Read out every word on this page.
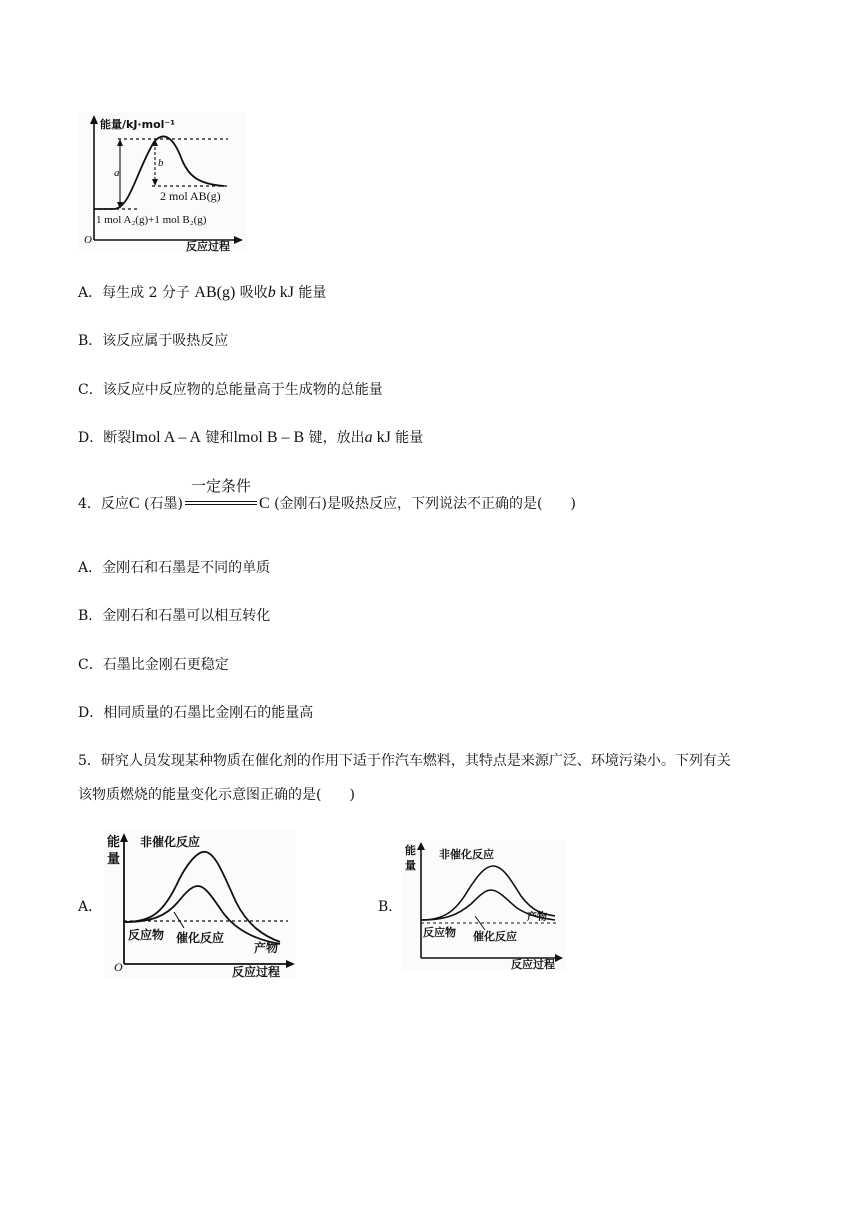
能量/kJ·mol⁻¹
O	反应过程
a
b
2 mol AB(g)
1 mol A₂(g)+1 mol B₂(g)
A．每生成 2 分子 AB(g) 吸收b kJ 能量
B．该反应属于吸热反应
C．该反应中反应物的总能量高于生成物的总能量
D．断裂lmol A – A 键和lmol B – B 键，放出a kJ 能量
4．反应C (石墨)
一定条件
C (金刚石)是吸热反应，下列说法不正确的是(　　)
A．金刚石和石墨是不同的单质
B．金刚石和石墨可以相互转化
C．石墨比金刚石更稳定
D．相同质量的石墨比金刚石的能量高
5．研究人员发现某种物质在催化剂的作用下适于作汽车燃料，其特点是来源广泛、环境污染小。下列有关
该物质燃烧的能量变化示意图正确的是(　　)
A．
能
量
非催化反应
反应物 催化反应
产物
O	反应过程
B．
能
量
非催化反应
产物
反应物 催化反应
反应过程
